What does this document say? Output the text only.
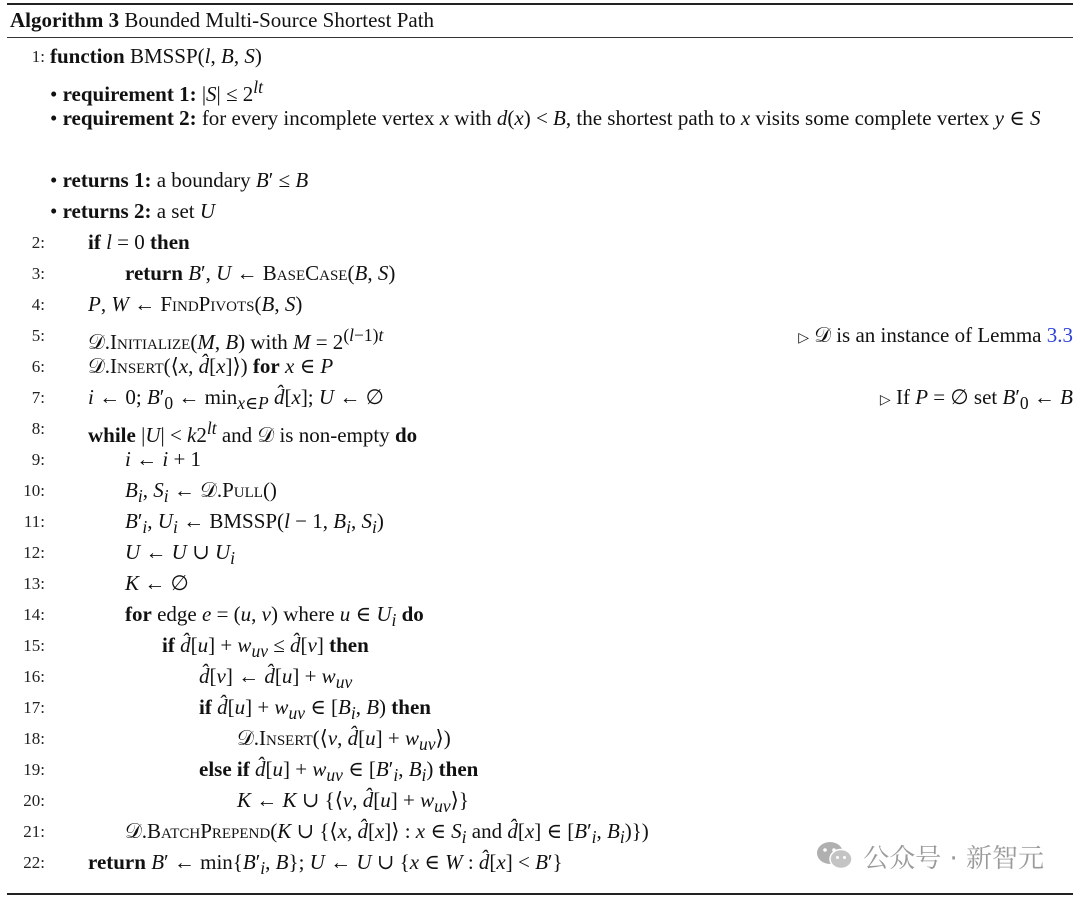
Algorithm 3 Bounded Multi-Source Shortest Path
1: function BMSSP(l, B, S)
• requirement 1: $|S| \le 2^{lt}$
• requirement 2: for every incomplete vertex x with d(x) < B, the shortest path to x visits some complete vertex y ∈ S
• returns 1: a boundary B′ ≤ B
• returns 2: a set U
2: if l = 0 then
3:	return B′, U ← BaseCase(B, S)
4: P, W ← FindPivots(B, S)
5: 𝒟.Initialize(M, B) with $M = 2^{(l-1)t}$	▷ 𝒟 is an instance of Lemma 3.3
6: 𝒟.Insert(⟨x, d̂[x]⟩) for x ∈ P
7: i ← 0; $B'_0$ ← $\min_{x\in P}$ d̂[x]; U ← ∅	▷ If P = ∅ set $B'_0$ ← B
8: while $|U| < k2^{lt}$ and 𝒟 is non-empty do
9:	i ← i + 1
10:	$B_i$, $S_i$ ← 𝒟.Pull()
11:	$B'_i$, $U_i$ ← BMSSP(l − 1, $B_i$, $S_i$)
12:	U ← U ∪ $U_i$
13:	K ← ∅
14:	for edge e = (u, v) where u ∈ $U_i$ do
15:	if d̂[u] + $w_{uv}$ ≤ d̂[v] then
16:	d̂[v] ← d̂[u] + $w_{uv}$
17:	if d̂[u] + $w_{uv}$ ∈ [$B_i$, B) then
18:	𝒟.Insert(⟨v, d̂[u] + $w_{uv}⟩$)
19:	else if d̂[u] + $w_{uv}$ ∈ [$B'_i$, $B_i$) then
20:	K ← K ∪ {⟨v, d̂[u] + $w_{uv}⟩$}
21:	𝒟.BatchPrepend(K ∪ {⟨x, d̂[x]⟩ : x ∈ $S_i$ and d̂[x] ∈ [$B'_i$, $B_i$)})
22: return B′ ← $\min\{B'_i$, B}; U ← U ∪ {x ∈ W : d̂[x] < B′}	公众号 · 新智元
